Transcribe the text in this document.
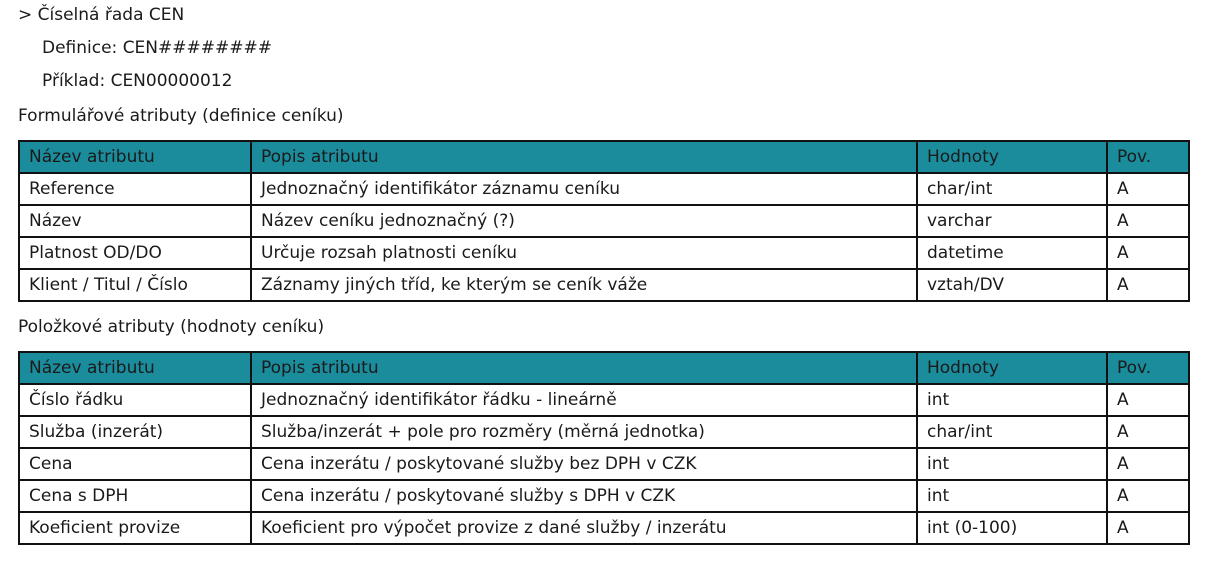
> Číselná řada CEN
Definice: CEN########
Příklad: CEN00000012
Formulářové atributy (definice ceníku)
Název atributu	Popis atributu	Hodnoty	Pov.
Reference	Jednoznačný identifikátor záznamu ceníku	char/int	A
Název	Název ceníku jednoznačný (?)	varchar	A
Platnost OD/DO	Určuje rozsah platnosti ceníku	datetime	A
Klient / Titul / Číslo	Záznamy jiných tříd, ke kterým se ceník váže	vztah/DV	A
Položkové atributy (hodnoty ceníku)
Název atributu	Popis atributu	Hodnoty	Pov.
Číslo řádku	Jednoznačný identifikátor řádku - lineárně	int	A
Služba (inzerát)	Služba/inzerát + pole pro rozměry (měrná jednotka)	char/int	A
Cena	Cena inzerátu / poskytované služby bez DPH v CZK	int	A
Cena s DPH	Cena inzerátu / poskytované služby s DPH v CZK	int	A
Koeficient provize	Koeficient pro výpočet provize z dané služby / inzerátu	int (0-100)	A
